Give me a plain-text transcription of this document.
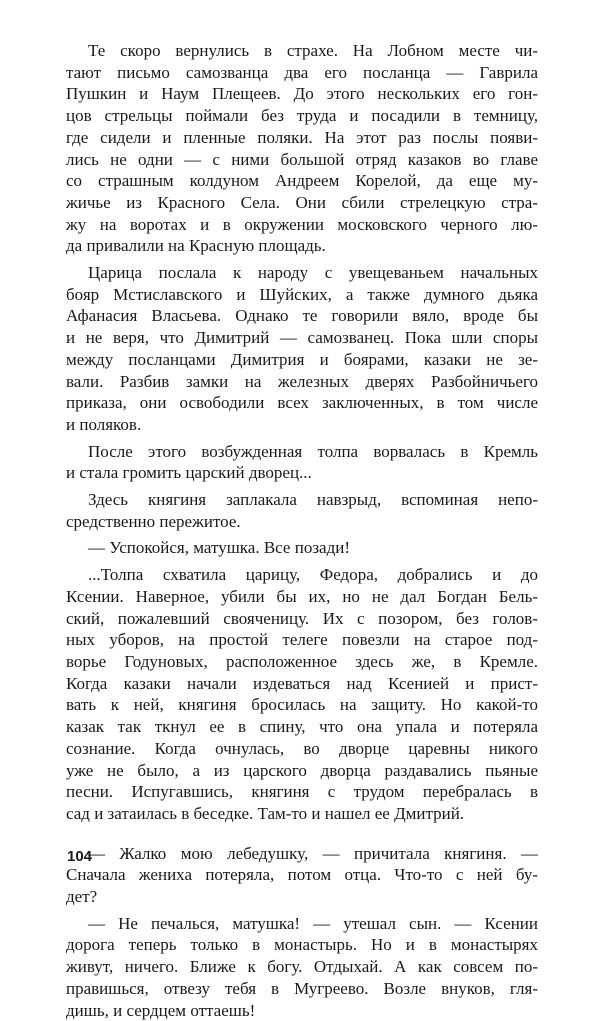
Те скоро вернулись в страхе. На Лобном месте чи-
тают письмо самозванца два его посланца — Гаврила
Пушкин и Наум Плещеев. До этого нескольких его гон-
цов стрельцы поймали без труда и посадили в темницу,
где сидели и пленные поляки. На этот раз послы появи-
лись не одни — с ними большой отряд казаков во главе
со страшным колдуном Андреем Корелой, да еще му-
жичье из Красного Села. Они сбили стрелецкую стра-
жу на воротах и в окружении московского черного лю-
да привалили на Красную площадь.
Царица послала к народу с увещеваньем начальных
бояр Мстиславского и Шуйских, а также думного дьяка
Афанасия Власьева. Однако те говорили вяло, вроде бы
и не веря, что Димитрий — самозванец. Пока шли споры
между посланцами Димитрия и боярами, казаки не зе-
вали. Разбив замки на железных дверях Разбойничьего
приказа, они освободили всех заключенных, в том числе
и поляков.
После этого возбужденная толпа ворвалась в Кремль
и стала громить царский дворец...
Здесь княгиня заплакала навзрыд, вспоминая непо-
средственно пережитое.
— Успокойся, матушка. Все позади!
...Толпа схватила царицу, Федора, добрались и до
Ксении. Наверное, убили бы их, но не дал Богдан Бель-
ский, пожалевший своячeницу. Их с позором, без голов-
ных уборов, на простой телеге повезли на старое под-
ворье Годуновых, расположенное здесь же, в Кремле.
Когда казаки начали издеваться над Ксенией и прист-
вать к ней, княгиня бросилась на защиту. Но какой-то
казак так ткнул ее в спину, что она упала и потеряла
сознание. Когда очнулась, во дворце царевны никого
уже не было, а из царского дворца раздавались пьяные
песни. Испугавшись, княгиня с трудом перебралась в
сад и затаилась в беседке. Там-то и нашел ее Дмитрий.
— Жалко мою лебедушку, — причитала княгиня. —
Сначала жениха потеряла, потом отца. Что-то с ней бу-
дет?
— Не печалься, матушка! — утешал сын. — Ксении
дорога теперь только в монастырь. Но и в монастырях
живут, ничего. Ближе к богу. Отдыхай. А как совсем по-
правишься, отвезу тебя в Мугреево. Возле внуков, гля-
дишь, и сердцем оттаешь!
104
